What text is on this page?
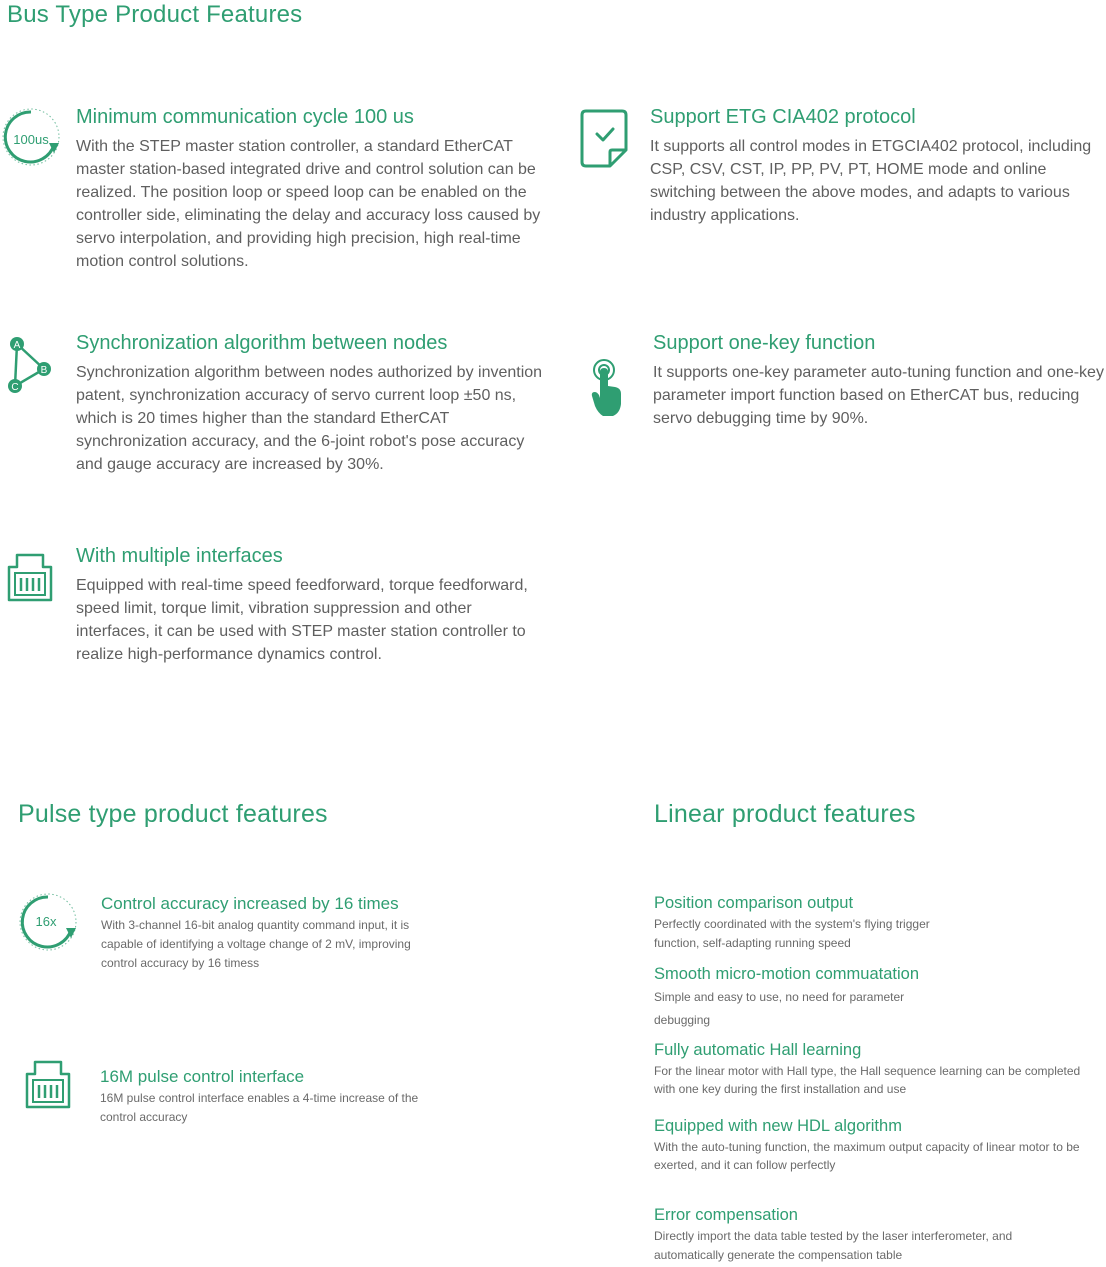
Bus Type Product Features
100us
Minimum communication cycle 100 us

With the STEP master station controller, a standard EtherCAT master station-based integrated drive and control solution can be realized. The position loop or speed loop can be enabled on the controller side, eliminating the delay and accuracy loss caused by servo interpolation, and providing high precision, high real-time motion control solutions.

Support ETG CIA402 protocol

It supports all control modes in ETGCIA402 protocol, including CSP, CSV, CST, IP, PP, PV, PT, HOME mode and online switching between the above modes, and adapts to various industry applications.

A
B
C
Synchronization algorithm between nodes

Synchronization algorithm between nodes authorized by invention patent, synchronization accuracy of servo current loop ±50 ns, which is 20 times higher than the standard EtherCAT synchronization accuracy, and the 6-joint robot's pose accuracy and gauge accuracy are increased by 30%.

Support one-key function

It supports one-key parameter auto-tuning function and one-key parameter import function based on EtherCAT bus, reducing servo debugging time by 90%.

With multiple interfaces

Equipped with real-time speed feedforward, torque feedforward, speed limit, torque limit, vibration suppression and other interfaces, it can be used with STEP master station controller to realize high-performance dynamics control.

Pulse type product features
16x
Control accuracy increased by 16 times

With 3-channel 16-bit analog quantity command input, it is capable of identifying a voltage change of 2 mV, improving control accuracy by 16 timess

16M pulse control interface

16M pulse control interface enables a 4-time increase of the control accuracy

Linear product features
Position comparison output

Perfectly coordinated with the system's flying trigger function, self-adapting running speed

Smooth micro-motion commuatation

Simple and easy to use, no need for parameter debugging

Fully automatic Hall learning

For the linear motor with Hall type, the Hall sequence learning can be completed with one key during the first installation and use

Equipped with new HDL algorithm

With the auto-tuning function, the maximum output capacity of linear motor to be exerted, and it can follow perfectly

Error compensation

Directly import the data table tested by the laser interferometer, and automatically generate the compensation table
